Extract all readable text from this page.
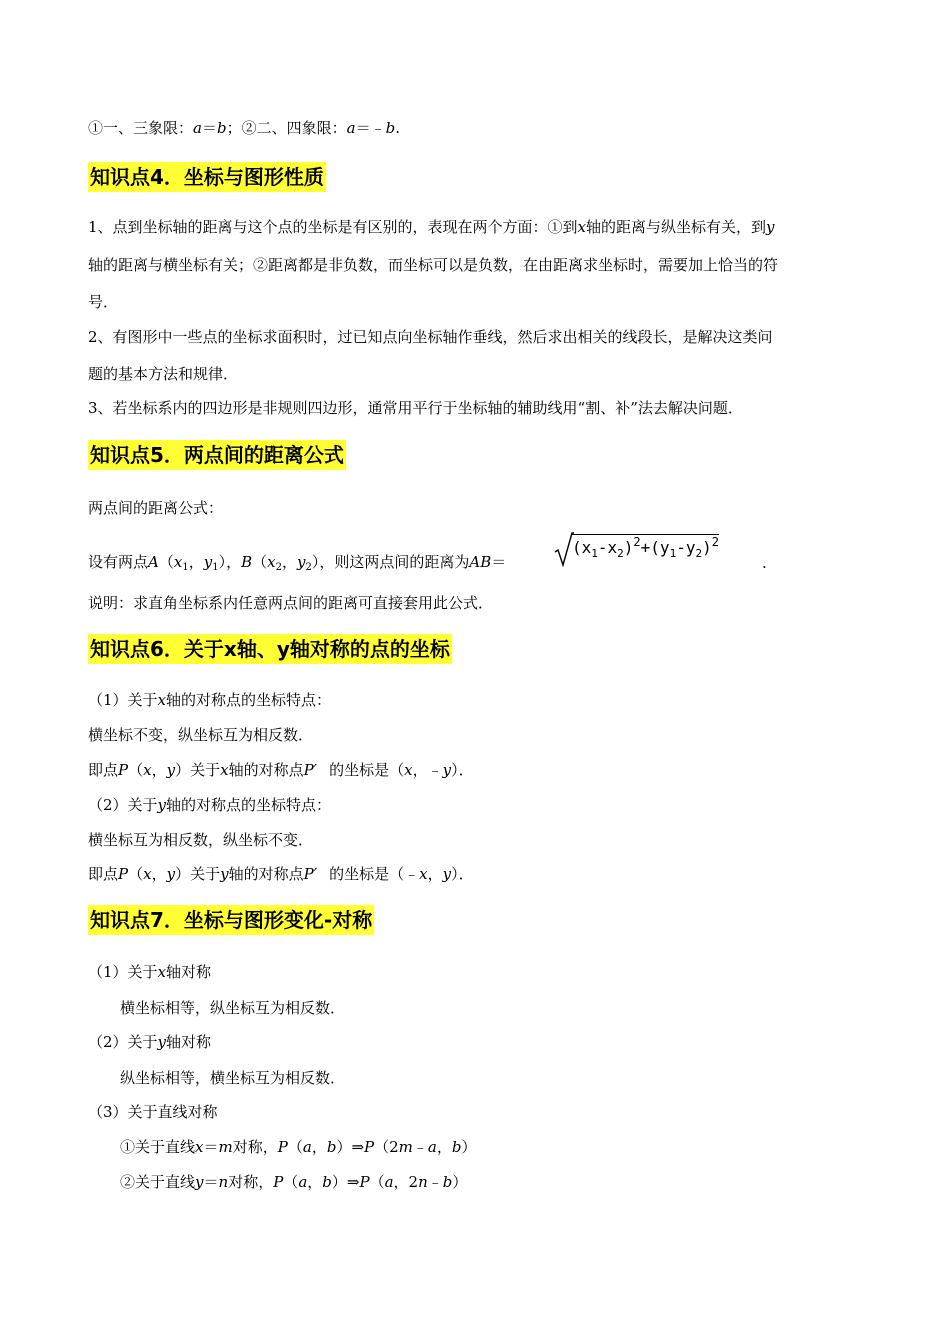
①一、三象限：a＝b；②二、四象限：a＝﹣b.
知识点4．坐标与图形性质
1、点到坐标轴的距离与这个点的坐标是有区别的，表现在两个方面：①到x轴的距离与纵坐标有关，到y
轴的距离与横坐标有关；②距离都是非负数，而坐标可以是负数，在由距离求坐标时，需要加上恰当的符
号．
2、有图形中一些点的坐标求面积时，过已知点向坐标轴作垂线，然后求出相关的线段长，是解决这类问
题的基本方法和规律．
3、若坐标系内的四边形是非规则四边形，通常用平行于坐标轴的辅助线用“割、补”法去解决问题．
知识点5．两点间的距离公式
两点间的距离公式：
设有两点$A(x_1$，$y_1$），$B(x_2$，$y_2$），则这两点间的距离为AB＝
$(x_1-x_2)^2+(y_1-y_2)^2$
.
说明：求直角坐标系内任意两点间的距离可直接套用此公式．
知识点6．关于x轴、y轴对称的点的坐标
（1）关于x轴的对称点的坐标特点：
横坐标不变，纵坐标互为相反数．
即点P（x，y）关于x轴的对称点P′ 的坐标是（x，﹣y）．
（2）关于y轴的对称点的坐标特点：
横坐标互为相反数，纵坐标不变．
即点P（x，y）关于y轴的对称点P′ 的坐标是（﹣x，y）．
知识点7．坐标与图形变化-对称
（1）关于x轴对称
横坐标相等，纵坐标互为相反数．
（2）关于y轴对称
纵坐标相等，横坐标互为相反数．
（3）关于直线对称
①关于直线x＝m对称，P（a，b）⇒P（2m﹣a，b）
②关于直线y＝n对称，P（a，b）⇒P（a，2n﹣b）
